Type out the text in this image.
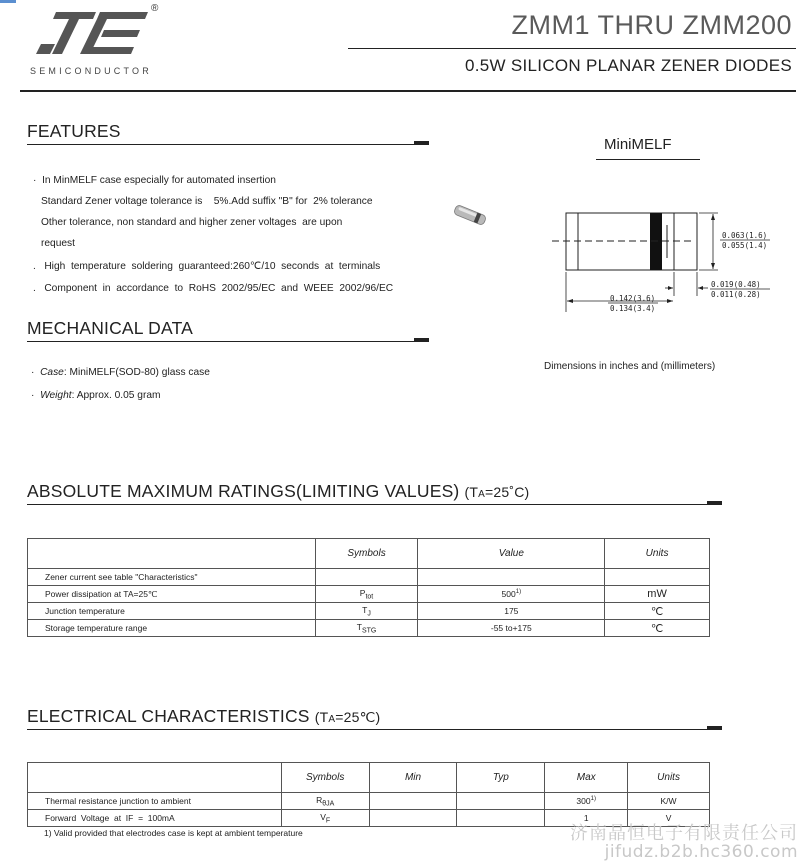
®
SEMICONDUCTOR
ZMM1 THRU ZMM200
0.5W SILICON PLANAR ZENER DIODES
FEATURES
·  In MinMELF case especially for automated insertion
Standard Zener voltage tolerance is    5%.Add suffix "B" for  2% tolerance
Other tolerance, non standard and higher zener voltages  are upon
request
.   High  temperature  soldering  guaranteed:260℃/10  seconds  at  terminals
.   Component  in  accordance  to  RoHS  2002/95/EC  and  WEEE  2002/96/EC
MECHANICAL DATA
·  Case: MiniMELF(SOD-80) glass case
·  Weight: Approx. 0.05 gram
MiniMELF
0.063(1.6)
0.055(1.4)
0.019(0.48)
0.011(0.28)
0.142(3.6)
0.134(3.4)
Dimensions in inches and (millimeters)
ABSOLUTE MAXIMUM RATINGS(LIMITING VALUES) (TA=25˚C)
	Symbols	Value	Units
Zener current see table "Characteristics"			
Power dissipation at TA=25℃	$P_{tot}$	500$^{1)}$	mW
Junction temperature	$T_J$	175	℃
Storage temperature range	$T_{STG}$	-55 to+175	℃
ELECTRICAL CHARACTERISTICS (TA=25℃)
	Symbols	Min	Typ	Max	Units
Thermal resistance junction to ambient	$R_{\theta JA}$			300$^{1)}$	K/W
Forward  Voltage  at  IF  =  100mA	$V_F$			1	V
1) Valid provided that electrodes case is kept at ambient temperature	济南晶恒电子有限责任公司
jifudz.b2b.hc360.com
